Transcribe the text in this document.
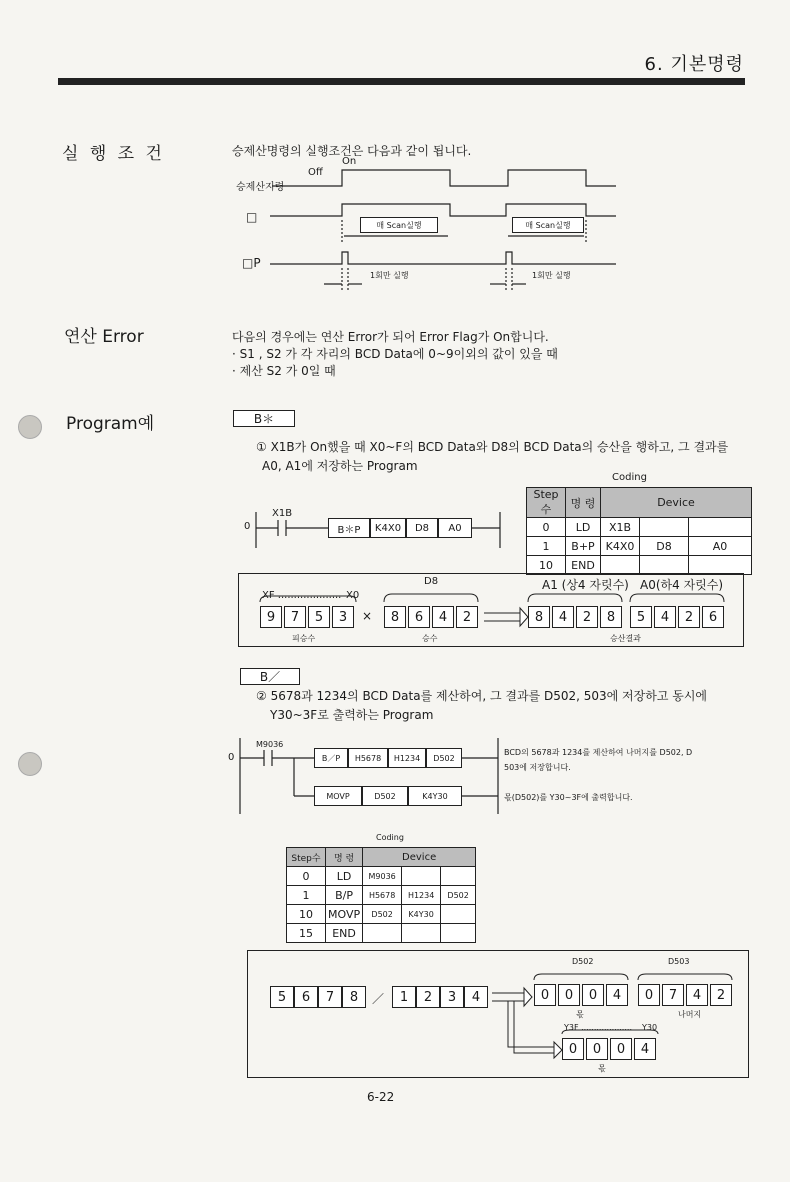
6. 기본명령
실 행 조 건	승제산명령의 실행조건은 다음과 같이 됩니다.
On
Off
승제산지령
□
□P
매 Scan실행	매 Scan실행
1회만 실행	1회만 실행
연산 Error	다음의 경우에는 연산 Error가 되어 Error Flag가 On합니다.
· S1 , S2 가 각 자리의 BCD Data에 0~9이외의 값이 있을 때
· 제산 S2 가 0일 때
Program예	B＊
① X1B가 On했을 때 X0~F의 BCD Data와 D8의 BCD Data의 승산을 행하고, 그 결과를
A0, A1에 저장하는 Program
X1B
0	B＊P K4X0 D8 A0
Coding
Step수	명 령	Device		
0	LD	X1B		
1	B+P	K4X0	D8	A0
10	END			
XF .................... X0
D8	A1 (상4 자릿수) A0(하4 자릿수)
9	7	5	3	×	8	6	4	2	8	4	2	8	5	4	2	6
피승수	승수	승산결과
B／
② 5678과 1234의 BCD Data를 제산하여, 그 결과를 D502, 503에 저장하고 동시에
Y30~3F로 출력하는 Program
M9036
0	B／P H5678 H1234 D502
MOVP	D502	K4Y30
BCD의 5678과 1234를 제산하여 나머지를 D502, D
503에 저장합니다.
몫(D502)를 Y30~3F에 출력합니다.
Coding
Step수	명 령	Device		
0	LD	M9036		
1	B/P	H5678	H1234	D502
10	MOVP	D502	K4Y30	
15	END			
5	6	7	8	／	1	2	3	4
D502	D503
0	0	0	4	0	7	4	2
몫	나머지
Y3F .................... Y30
0	0	0	4
몫
6-22
